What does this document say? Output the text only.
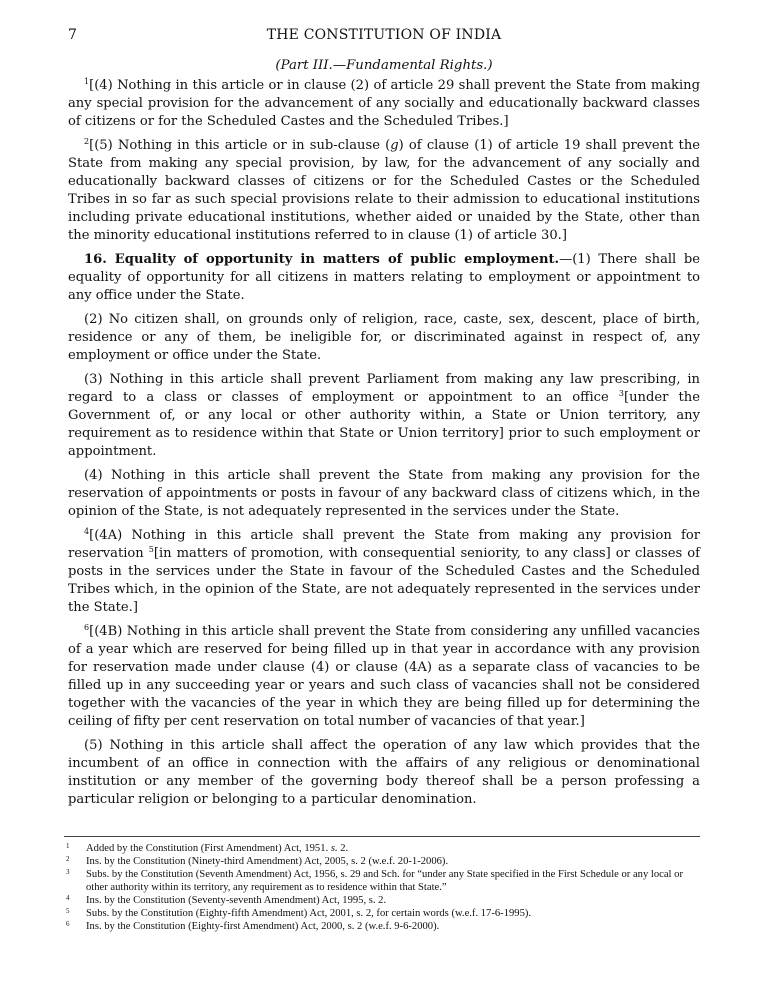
7	THE CONSTITUTION OF INDIA
(Part III.—Fundamental Rights.)

$^1$[(4) Nothing in this article or in clause (2) of article 29 shall prevent the State from making any special provision for the advancement of any socially and educationally backward classes of citizens or for the Scheduled Castes and the Scheduled Tribes.]

$^2$[(5) Nothing in this article or in sub-clause (g) of clause (1) of article 19 shall prevent the State from making any special provision, by law, for the advancement of any socially and educationally backward classes of citizens or for the Scheduled Castes or the Scheduled Tribes in so far as such special provisions relate to their admission to educational institutions including private educational institutions, whether aided or unaided by the State, other than the minority educational institutions referred to in clause (1) of article 30.]

16. Equality of opportunity in matters of public employment.—(1) There shall be equality of opportunity for all citizens in matters relating to employment or appointment to any office under the State.

(2) No citizen shall, on grounds only of religion, race, caste, sex, descent, place of birth, residence or any of them, be ineligible for, or discriminated against in respect of, any employment or office under the State.

(3) Nothing in this article shall prevent Parliament from making any law prescribing, in regard to a class or classes of employment or appointment to an office $^3$[under the Government of, or any local or other authority within, a State or Union territory, any requirement as to residence within that State or Union territory] prior to such employment or appointment.

(4) Nothing in this article shall prevent the State from making any provision for the reservation of appointments or posts in favour of any backward class of citizens which, in the opinion of the State, is not adequately represented in the services under the State.

$^4$[(4A) Nothing in this article shall prevent the State from making any provision for reservation $^5$[in matters of promotion, with consequential seniority, to any class] or classes of posts in the services under the State in favour of the Scheduled Castes and the Scheduled Tribes which, in the opinion of the State, are not adequately represented in the services under the State.]

$^6$[(4B) Nothing in this article shall prevent the State from considering any unfilled vacancies of a year which are reserved for being filled up in that year in accordance with any provision for reservation made under clause (4) or clause (4A) as a separate class of vacancies to be filled up in any succeeding year or years and such class of vacancies shall not be considered together with the vacancies of the year in which they are being filled up for determining the ceiling of fifty per cent reservation on total number of vacancies of that year.]

(5) Nothing in this article shall affect the operation of any law which provides that the incumbent of an office in connection with the affairs of any religious or denominational institution or any member of the governing body thereof shall be a person professing a particular religion or belonging to a particular denomination.

$^1$	Added by the Constitution (First Amendment) Act, 1951. s. 2.
$^2$	Ins. by the Constitution (Ninety-third Amendment) Act, 2005, s. 2 (w.e.f. 20-1-2006).
$^3$	Subs. by the Constitution (Seventh Amendment) Act, 1956, s. 29 and Sch. for “under any State specified in the First Schedule or any local or other authority within its territory, any requirement as to residence within that State.”
$^4$	Ins. by the Constitution (Seventy-seventh Amendment) Act, 1995, s. 2.
$^5$	Subs. by the Constitution (Eighty-fifth Amendment) Act, 2001, s. 2, for certain words (w.e.f. 17-6-1995).
$^6$	Ins. by the Constitution (Eighty-first Amendment) Act, 2000, s. 2 (w.e.f. 9-6-2000).
